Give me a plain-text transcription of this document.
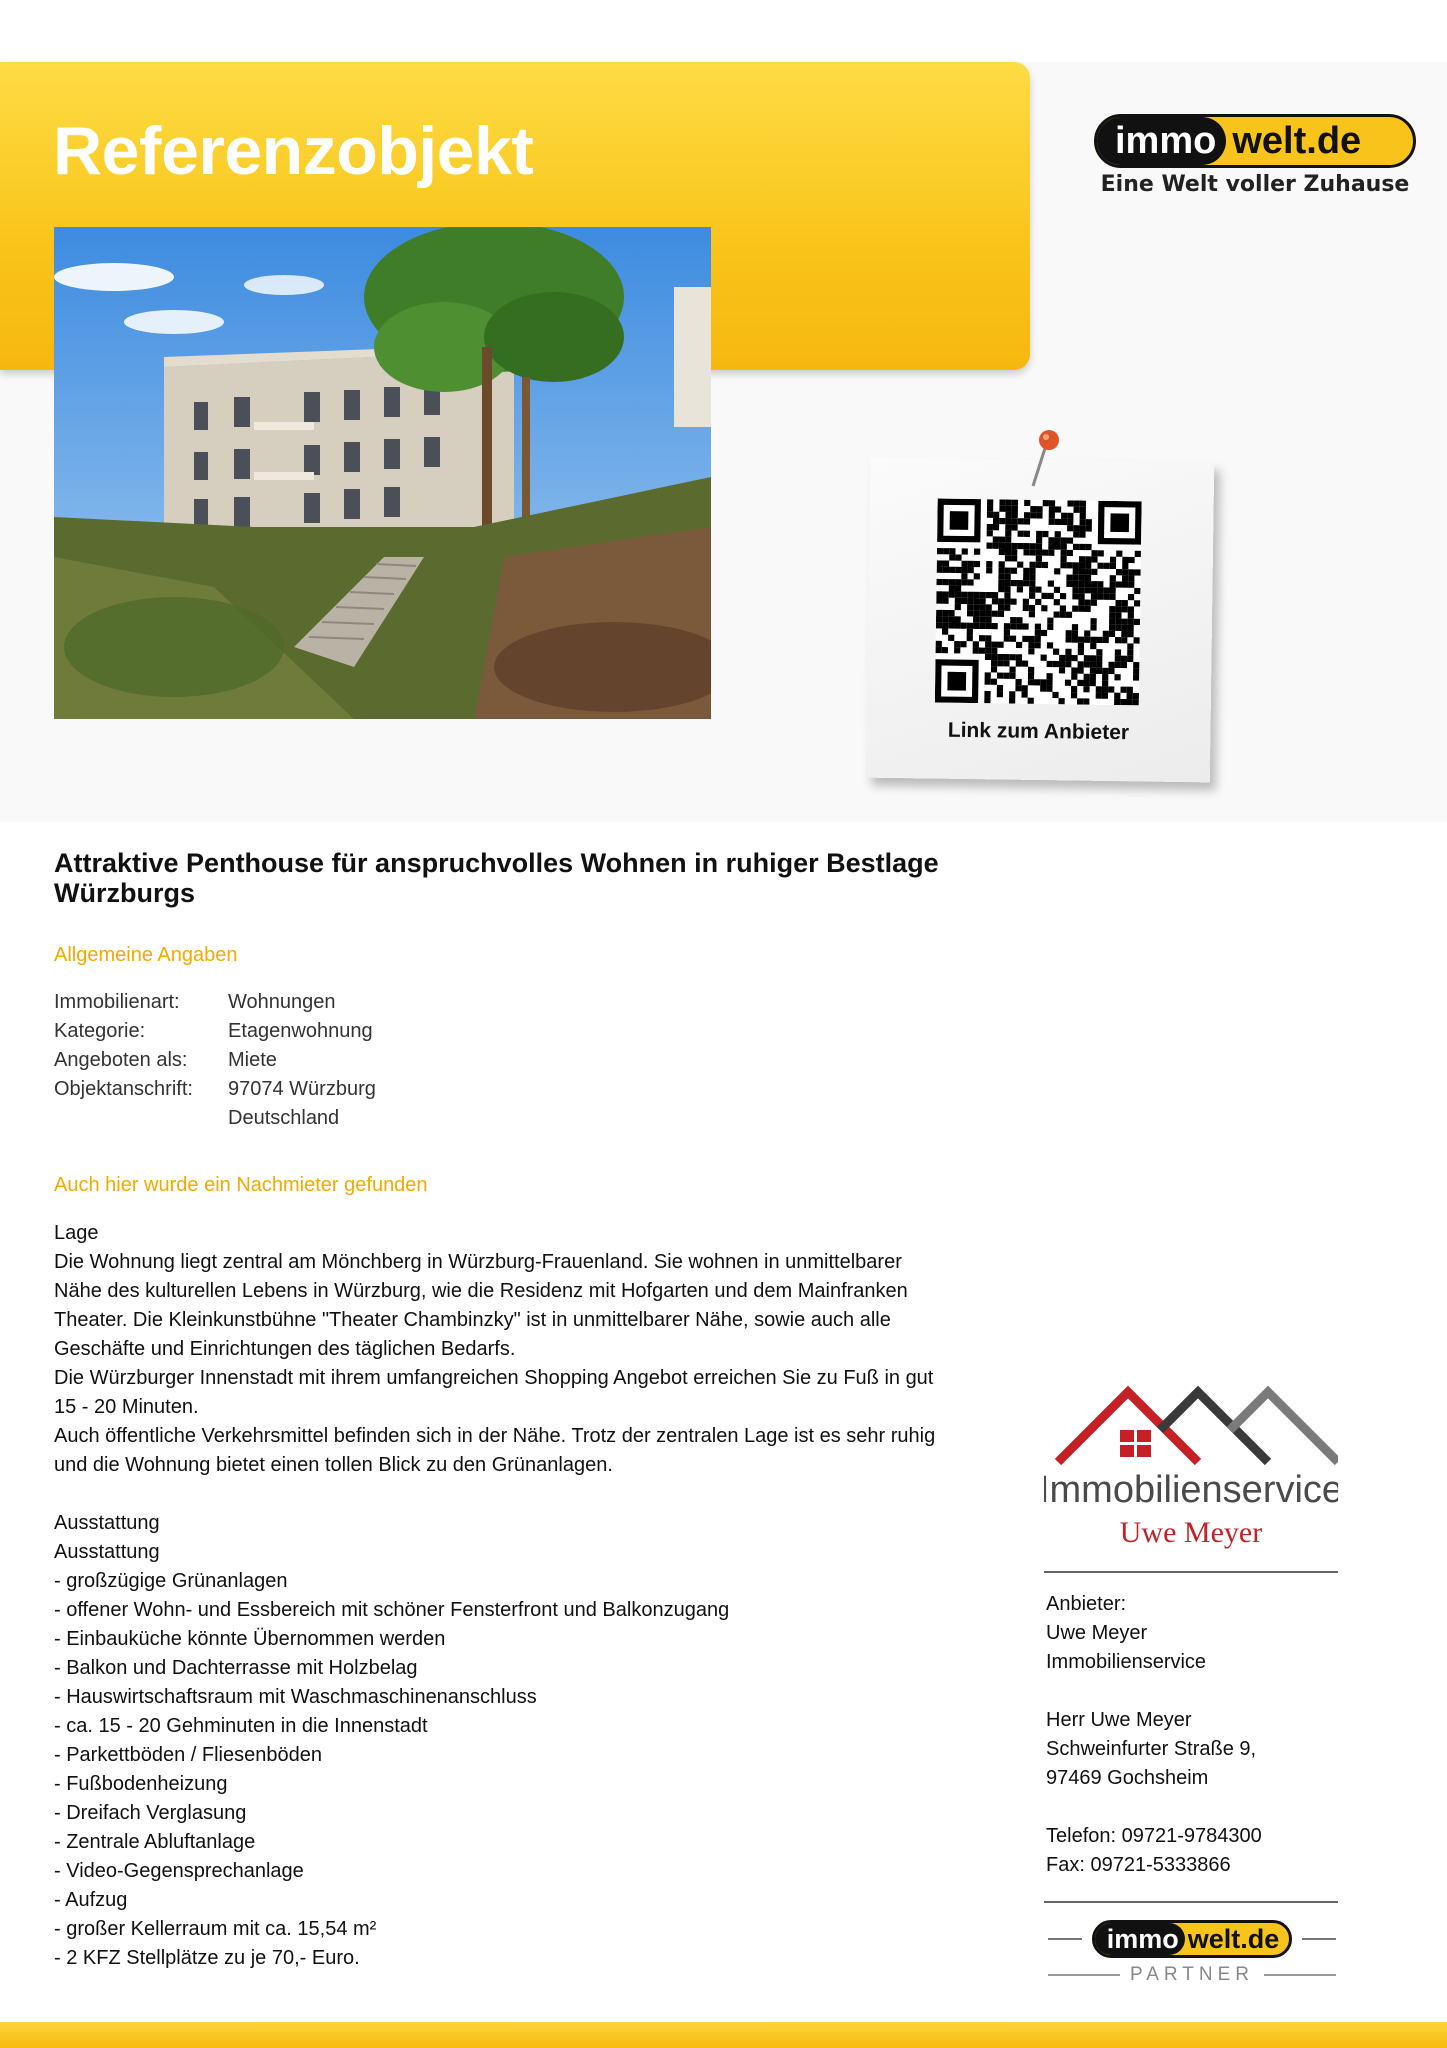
Referenzobjekt	immo welt.de
Eine Welt voller Zuhause
Link zum Anbieter
Attraktive Penthouse für anspruchvolles Wohnen in ruhiger Bestlage Würzburgs
Allgemeine Angaben
Immobilienart:	Wohnungen
Kategorie:	Etagenwohnung
Angeboten als:	Miete
Objektanschrift:	97074 Würzburg
Deutschland
Auch hier wurde ein Nachmieter gefunden
Lage
Die Wohnung liegt zentral am Mönchberg in Würzburg-Frauenland. Sie wohnen in unmittelbarer Nähe des kulturellen Lebens in Würzburg, wie die Residenz mit Hofgarten und dem Mainfranken Theater. Die Kleinkunstbühne "Theater Chambinzky" ist in unmittelbarer Nähe, sowie auch alle Geschäfte und Einrichtungen des täglichen Bedarfs.
Die Würzburger Innenstadt mit ihrem umfangreichen Shopping Angebot erreichen Sie zu Fuß in gut 15 - 20 Minuten.
Auch öffentliche Verkehrsmittel befinden sich in der Nähe. Trotz der zentralen Lage ist es sehr ruhig und die Wohnung bietet einen tollen Blick zu den Grünanlagen.

Ausstattung
Ausstattung
- großzügige Grünanlagen
- offener Wohn- und Essbereich mit schöner Fensterfront und Balkonzugang
- Einbauküche könnte Übernommen werden
- Balkon und Dachterrasse mit Holzbelag
- Hauswirtschaftsraum mit Waschmaschinenanschluss
- ca. 15 - 20 Gehminuten in die Innenstadt
- Parkettböden / Fliesenböden
- Fußbodenheizung
- Dreifach Verglasung
- Zentrale Abluftanlage
- Video-Gegensprechanlage
- Aufzug
- großer Kellerraum mit ca. 15,54 m²
- 2 KFZ Stellplätze zu je 70,- Euro.
Immobilienservice
Uwe Meyer
Anbieter:
Uwe Meyer
Immobilienservice

Herr Uwe Meyer
Schweinfurter Straße 9,
97469 Gochsheim

Telefon: 09721-9784300
Fax: 09721-5333866
immo welt.de
PARTNER
